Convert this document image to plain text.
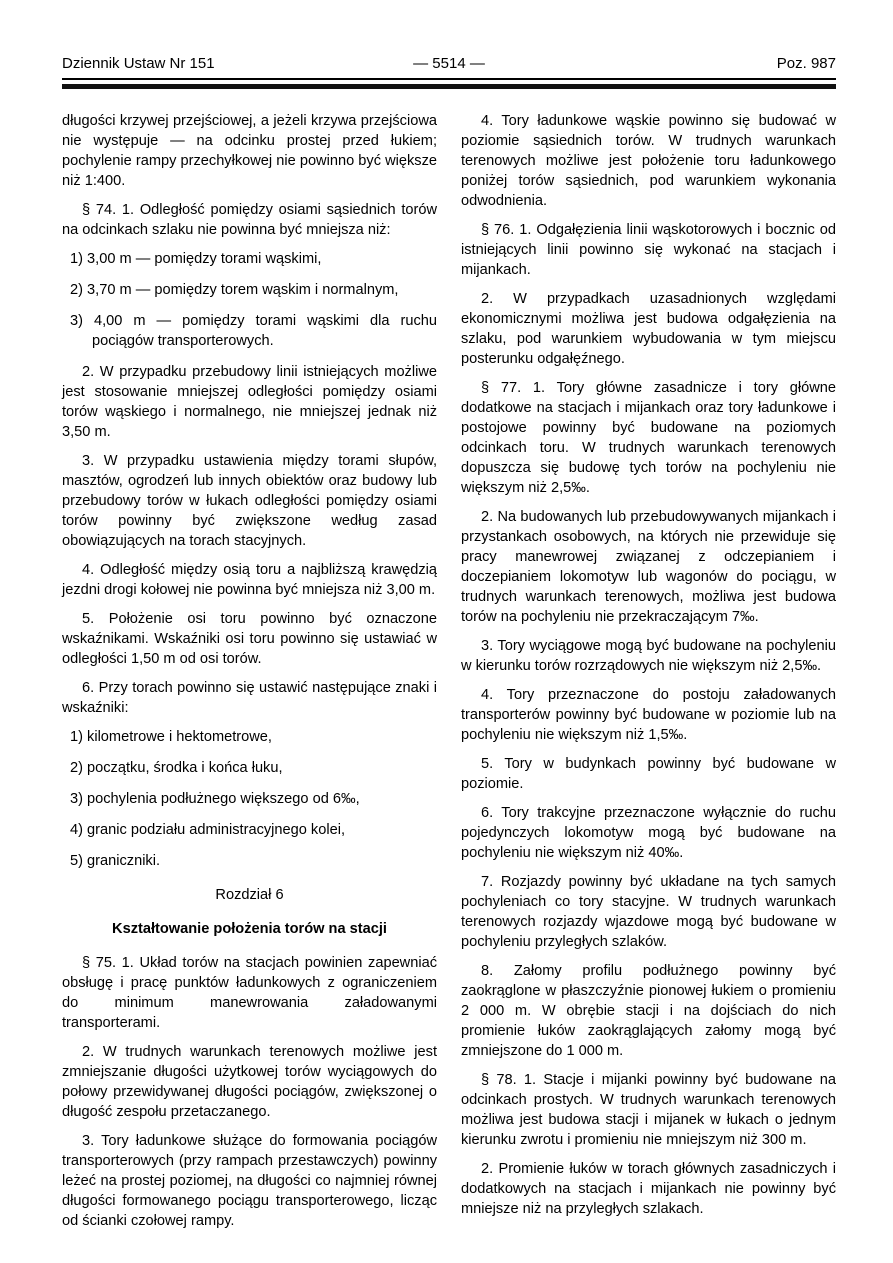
Dziennik Ustaw Nr 151	— 5514 —	Poz. 987

długości krzywej przejściowej, a jeżeli krzywa przejściowa nie występuje — na odcinku prostej przed łukiem; pochylenie rampy przechyłkowej nie powinno być większe niż 1:400.

§ 74. 1. Odległość pomiędzy osiami sąsiednich torów na odcinkach szlaku nie powinna być mniejsza niż:

1) 3,00 m — pomiędzy torami wąskimi,

2) 3,70 m — pomiędzy torem wąskim i normalnym,

3) 4,00 m — pomiędzy torami wąskimi dla ruchu pociągów transporterowych.

2. W przypadku przebudowy linii istniejących możliwe jest stosowanie mniejszej odległości pomiędzy osiami torów wąskiego i normalnego, nie mniejszej jednak niż 3,50 m.

3. W przypadku ustawienia między torami słupów, masztów, ogrodzeń lub innych obiektów oraz budowy lub przebudowy torów w łukach odległości pomiędzy osiami torów powinny być zwiększone według zasad obowiązujących na torach stacyjnych.

4. Odległość między osią toru a najbliższą krawędzią jezdni drogi kołowej nie powinna być mniejsza niż 3,00 m.

5. Położenie osi toru powinno być oznaczone wskaźnikami. Wskaźniki osi toru powinno się ustawiać w odległości 1,50 m od osi torów.

6. Przy torach powinno się ustawić następujące znaki i wskaźniki:

1) kilometrowe i hektometrowe,

2) początku, środka i końca łuku,

3) pochylenia podłużnego większego od 6‰,

4) granic podziału administracyjnego kolei,

5) graniczniki.

Rozdział 6

Kształtowanie położenia torów na stacji

§ 75. 1. Układ torów na stacjach powinien zapewniać obsługę i pracę punktów ładunkowych z ograniczeniem do minimum manewrowania załadowanymi transporterami.

2. W trudnych warunkach terenowych możliwe jest zmniejszanie długości użytkowej torów wyciągowych do połowy przewidywanej długości pociągów, zwiększonej o długość zespołu przetaczanego.

3. Tory ładunkowe służące do formowania pociągów transporterowych (przy rampach przestawczych) powinny leżeć na prostej poziomej, na długości co najmniej równej długości formowanego pociągu transporterowego, licząc od ścianki czołowej rampy.

4. Tory ładunkowe wąskie powinno się budować w poziomie sąsiednich torów. W trudnych warunkach terenowych możliwe jest położenie toru ładunkowego poniżej torów sąsiednich, pod warunkiem wykonania odwodnienia.

§ 76. 1. Odgałęzienia linii wąskotorowych i bocznic od istniejących linii powinno się wykonać na stacjach i mijankach.

2. W przypadkach uzasadnionych względami ekonomicznymi możliwa jest budowa odgałęzienia na szlaku, pod warunkiem wybudowania w tym miejscu posterunku odgałęźnego.

§ 77. 1. Tory główne zasadnicze i tory główne dodatkowe na stacjach i mijankach oraz tory ładunkowe i postojowe powinny być budowane na poziomych odcinkach toru. W trudnych warunkach terenowych dopuszcza się budowę tych torów na pochyleniu nie większym niż 2,5‰.

2. Na budowanych lub przebudowywanych mijankach i przystankach osobowych, na których nie przewiduje się pracy manewrowej związanej z odczepianiem i doczepianiem lokomotyw lub wagonów do pociągu, w trudnych warunkach terenowych, możliwa jest budowa torów na pochyleniu nie przekraczającym 7‰.

3. Tory wyciągowe mogą być budowane na pochyleniu w kierunku torów rozrządowych nie większym niż 2,5‰.

4. Tory przeznaczone do postoju załadowanych transporterów powinny być budowane w poziomie lub na pochyleniu nie większym niż 1,5‰.

5. Tory w budynkach powinny być budowane w poziomie.

6. Tory trakcyjne przeznaczone wyłącznie do ruchu pojedynczych lokomotyw mogą być budowane na pochyleniu nie większym niż 40‰.

7. Rozjazdy powinny być układane na tych samych pochyleniach co tory stacyjne. W trudnych warunkach terenowych rozjazdy wjazdowe mogą być budowane w pochyleniu przyległych szlaków.

8. Załomy profilu podłużnego powinny być zaokrąglone w płaszczyźnie pionowej łukiem o promieniu 2 000 m. W obrębie stacji i na dojściach do nich promienie łuków zaokrąglających załomy mogą być zmniejszone do 1 000 m.

§ 78. 1. Stacje i mijanki powinny być budowane na odcinkach prostych. W trudnych warunkach terenowych możliwa jest budowa stacji i mijanek w łukach o jednym kierunku zwrotu i promieniu nie mniejszym niż 300 m.

2. Promienie łuków w torach głównych zasadniczych i dodatkowych na stacjach i mijankach nie powinny być mniejsze niż na przyległych szlakach.
